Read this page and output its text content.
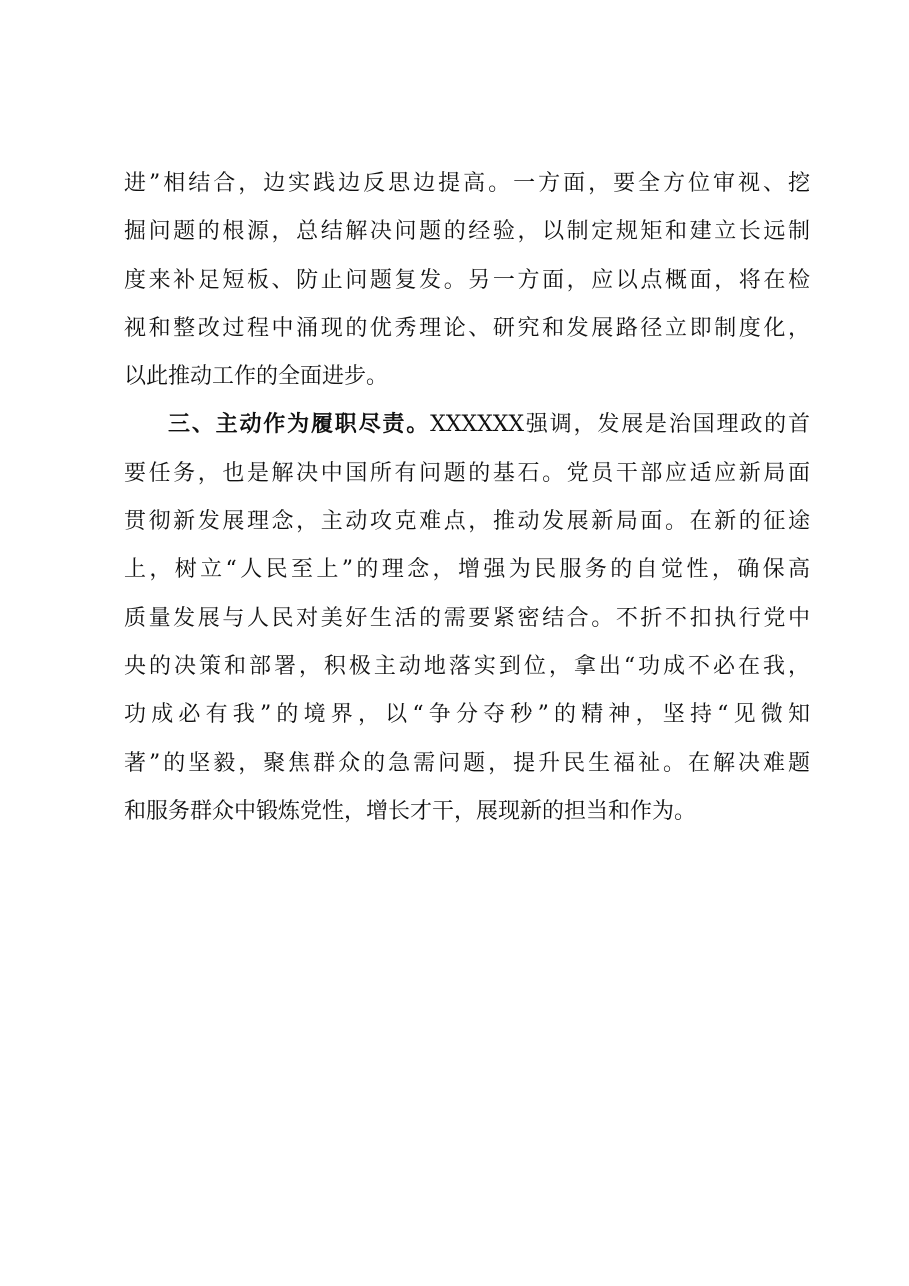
进”相结合，边实践边反思边提高。一方面，要全方位审视、挖
掘问题的根源，总结解决问题的经验，以制定规矩和建立长远制
度来补足短板、防止问题复发。另一方面，应以点概面，将在检
视和整改过程中涌现的优秀理论、研究和发展路径立即制度化，
以此推动工作的全面进步。
三、主动作为履职尽责。XXXXXX强调，发展是治国理政的首
要任务，也是解决中国所有问题的基石。党员干部应适应新局面
贯彻新发展理念，主动攻克难点，推动发展新局面。在新的征途
上，树立“人民至上”的理念，增强为民服务的自觉性，确保高
质量发展与人民对美好生活的需要紧密结合。不折不扣执行党中
央的决策和部署，积极主动地落实到位，拿出“功成不必在我，
功成必有我”的境界，以“争分夺秒”的精神，坚持“见微知
著”的坚毅，聚焦群众的急需问题，提升民生福祉。在解决难题
和服务群众中锻炼党性，增长才干，展现新的担当和作为。
